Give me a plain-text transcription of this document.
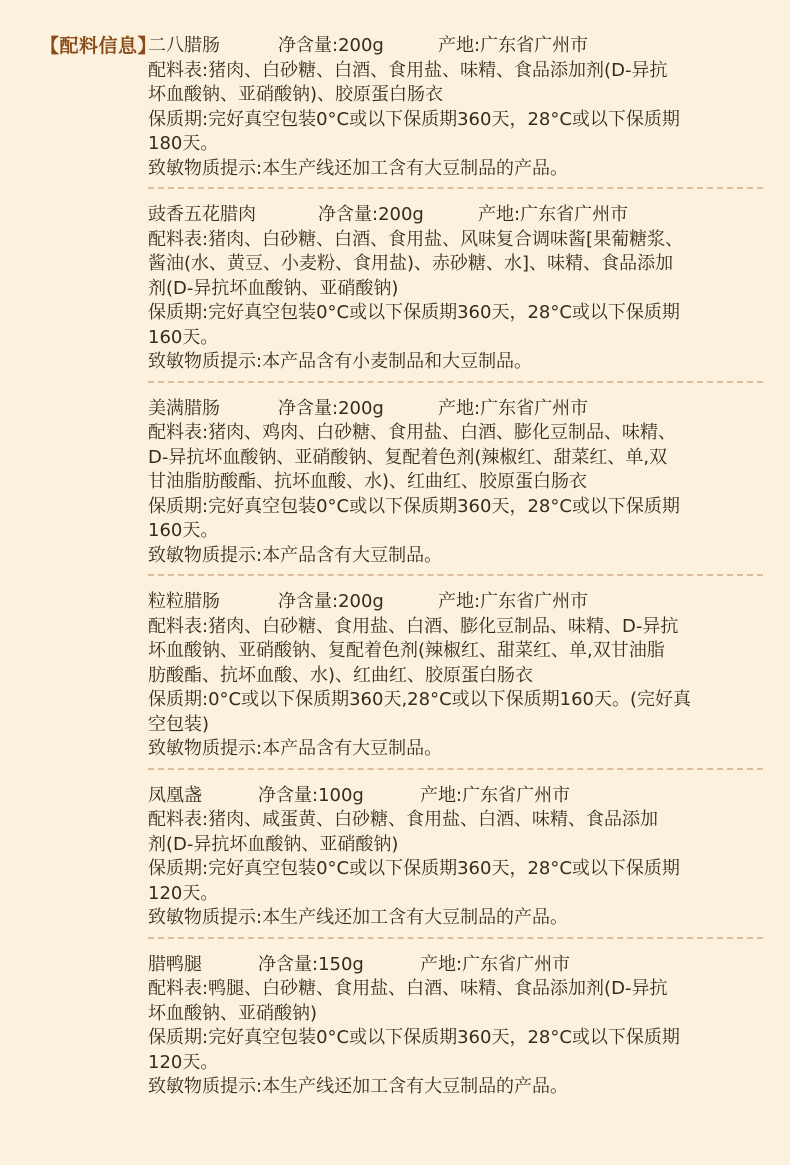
【配料信息】
二八腊肠	净含量:200g	产地:广东省广州市
配料表:猪肉、白砂糖、白酒、食用盐、味精、食品添加剂(D-异抗
坏血酸钠、亚硝酸钠)、胶原蛋白肠衣
保质期:完好真空包装0°C或以下保质期360天，28°C或以下保质期
180天。
致敏物质提示:本生产线还加工含有大豆制品的产品。
豉香五花腊肉	净含量:200g	产地:广东省广州市
配料表:猪肉、白砂糖、白酒、食用盐、风味复合调味酱[果葡糖浆、
酱油(水、黄豆、小麦粉、食用盐)、赤砂糖、水]、味精、食品添加
剂(D-异抗坏血酸钠、亚硝酸钠)
保质期:完好真空包装0°C或以下保质期360天，28°C或以下保质期
160天。
致敏物质提示:本产品含有小麦制品和大豆制品。
美满腊肠	净含量:200g	产地:广东省广州市
配料表:猪肉、鸡肉、白砂糖、食用盐、白酒、膨化豆制品、味精、
D-异抗坏血酸钠、亚硝酸钠、复配着色剂(辣椒红、甜菜红、单,双
甘油脂肪酸酯、抗坏血酸、水)、红曲红、胶原蛋白肠衣
保质期:完好真空包装0°C或以下保质期360天，28°C或以下保质期
160天。
致敏物质提示:本产品含有大豆制品。
粒粒腊肠	净含量:200g	产地:广东省广州市
配料表:猪肉、白砂糖、食用盐、白酒、膨化豆制品、味精、D-异抗
坏血酸钠、亚硝酸钠、复配着色剂(辣椒红、甜菜红、单,双甘油脂
肪酸酯、抗坏血酸、水)、红曲红、胶原蛋白肠衣
保质期:0°C或以下保质期360天,28°C或以下保质期160天。(完好真
空包装)
致敏物质提示:本产品含有大豆制品。
凤凰盏	净含量:100g	产地:广东省广州市
配料表:猪肉、咸蛋黄、白砂糖、食用盐、白酒、味精、食品添加
剂(D-异抗坏血酸钠、亚硝酸钠)
保质期:完好真空包装0°C或以下保质期360天，28°C或以下保质期
120天。
致敏物质提示:本生产线还加工含有大豆制品的产品。
腊鸭腿	净含量:150g	产地:广东省广州市
配料表:鸭腿、白砂糖、食用盐、白酒、味精、食品添加剂(D-异抗
坏血酸钠、亚硝酸钠)
保质期:完好真空包装0°C或以下保质期360天，28°C或以下保质期
120天。
致敏物质提示:本生产线还加工含有大豆制品的产品。
